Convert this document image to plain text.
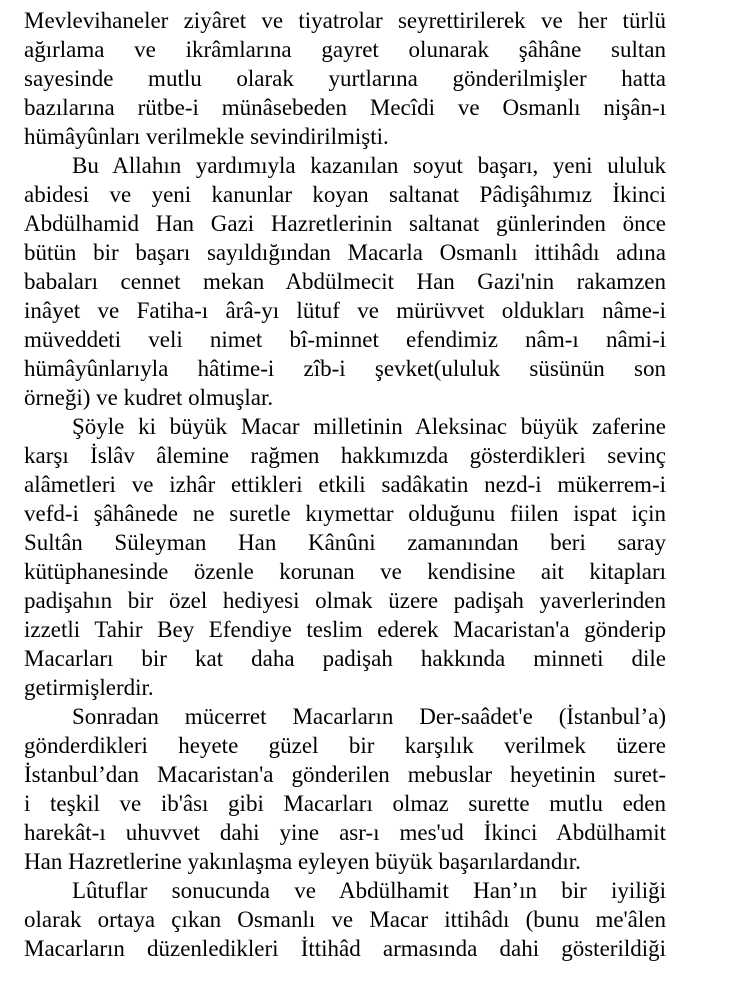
Mevlevihaneler ziyâret ve tiyatrolar seyrettirilerek ve her türlü
ağırlama ve ikrâmlarına gayret olunarak şâhâne sultan
sayesinde mutlu olarak yurtlarına gönderilmişler hatta
bazılarına rütbe-i münâsebeden Mecîdi ve Osmanlı nişân-ı
hümâyûnları verilmekle sevindirilmişti.
Bu Allahın yardımıyla kazanılan soyut başarı, yeni ululuk
abidesi ve yeni kanunlar koyan saltanat Pâdişâhımız İkinci
Abdülhamid Han Gazi Hazretlerinin saltanat günlerinden önce
bütün bir başarı sayıldığından Macarla Osmanlı ittihâdı adına
babaları cennet mekan Abdülmecit Han Gazi'nin rakamzen
inâyet ve Fatiha-ı ârâ-yı lütuf ve mürüvvet oldukları nâme-i
müveddeti veli nimet bî-minnet efendimiz nâm-ı nâmi-i
hümâyûnlarıyla hâtime-i zîb-i şevket(ululuk süsünün son
örneği) ve kudret olmuşlar.
Şöyle ki büyük Macar milletinin Aleksinac büyük zaferine
karşı İslâv âlemine rağmen hakkımızda gösterdikleri sevinç
alâmetleri ve izhâr ettikleri etkili sadâkatin nezd-i mükerrem-i
vefd-i şâhânede ne suretle kıymettar olduğunu fiilen ispat için
Sultân Süleyman Han Kânûni zamanından beri saray
kütüphanesinde özenle korunan ve kendisine ait kitapları
padişahın bir özel hediyesi olmak üzere padişah yaverlerinden
izzetli Tahir Bey Efendiye teslim ederek Macaristan'a gönderip
Macarları bir kat daha padişah hakkında minneti dile
getirmişlerdir.
Sonradan mücerret Macarların Der-saâdet'e (İstanbul’a)
gönderdikleri heyete güzel bir karşılık verilmek üzere
İstanbul’dan Macaristan'a gönderilen mebuslar heyetinin suret-
i teşkil ve ib'âsı gibi Macarları olmaz surette mutlu eden
harekât-ı uhuvvet dahi yine asr-ı mes'ud İkinci Abdülhamit
Han Hazretlerine yakınlaşma eyleyen büyük başarılardandır.
Lûtuflar sonucunda ve Abdülhamit Han’ın bir iyiliği
olarak ortaya çıkan Osmanlı ve Macar ittihâdı (bunu me'âlen
Macarların düzenledikleri İttihâd armasında dahi gösterildiği
